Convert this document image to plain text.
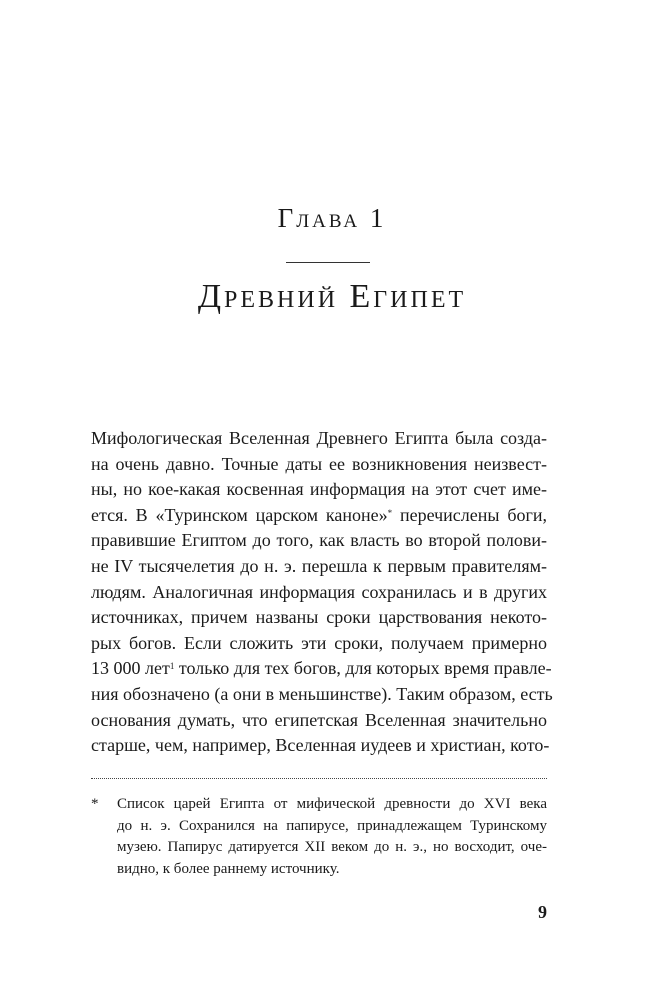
Глава 1
Древний Египет
Мифологическая Вселенная Древнего Египта была созда-
на очень давно. Точные даты ее возникновения неизвест-
ны, но кое-какая косвенная информация на этот счет име-
ется. В «Туринском царском каноне»* перечислены боги,
правившие Египтом до того, как власть во второй полови-
не IV тысячелетия до н. э. перешла к первым правителям-
людям. Аналогичная информация сохранилась и в других
источниках, причем названы сроки царствования некото-
рых богов. Если сложить эти сроки, получаем примерно
13 000 лет$^1$ только для тех богов, для которых время правле-
ния обозначено (а они в меньшинстве). Таким образом, есть
основания думать, что египетская Вселенная значительно
старше, чем, например, Вселенная иудеев и христиан, кото-
* Список царей Египта от мифической древности до XVI века
до н. э. Сохранился на папирусе, принадлежащем Туринскому
музею. Папирус датируется XII веком до н. э., но восходит, оче-
видно, к более раннему источнику.
9
